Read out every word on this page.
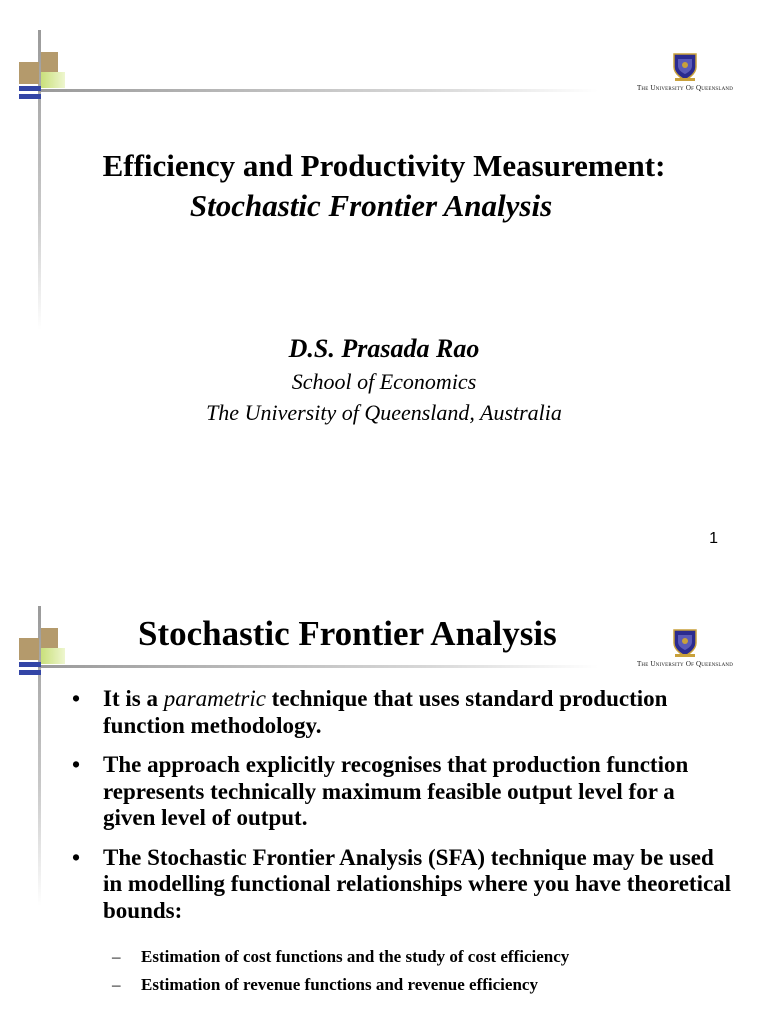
The University Of Queensland
Efficiency and Productivity Measurement:
Stochastic Frontier Analysis
D.S. Prasada Rao
School of Economics
The University of Queensland, Australia
1
The University Of Queensland
Stochastic Frontier Analysis
• It is a parametric technique that uses standard production function methodology.
• The approach explicitly recognises that production function represents technically maximum feasible output level for a given level of output.
• The Stochastic Frontier Analysis (SFA) technique may be used in modelling functional relationships where you have theoretical bounds:
– Estimation of cost functions and the study of cost efficiency
– Estimation of revenue functions and revenue efficiency
